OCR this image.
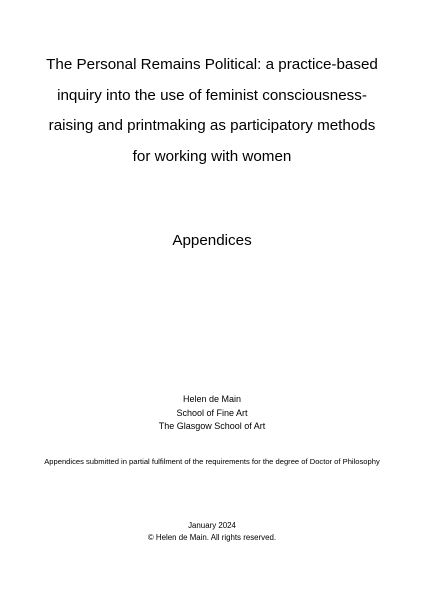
The Personal Remains Political: a practice-based inquiry into the use of feminist consciousness-raising and printmaking as participatory methods for working with women
Appendices
Helen de Main
School of Fine Art
The Glasgow School of Art
Appendices submitted in partial fulfilment of the requirements for the degree of Doctor of Philosophy
January 2024
© Helen de Main. All rights reserved.
